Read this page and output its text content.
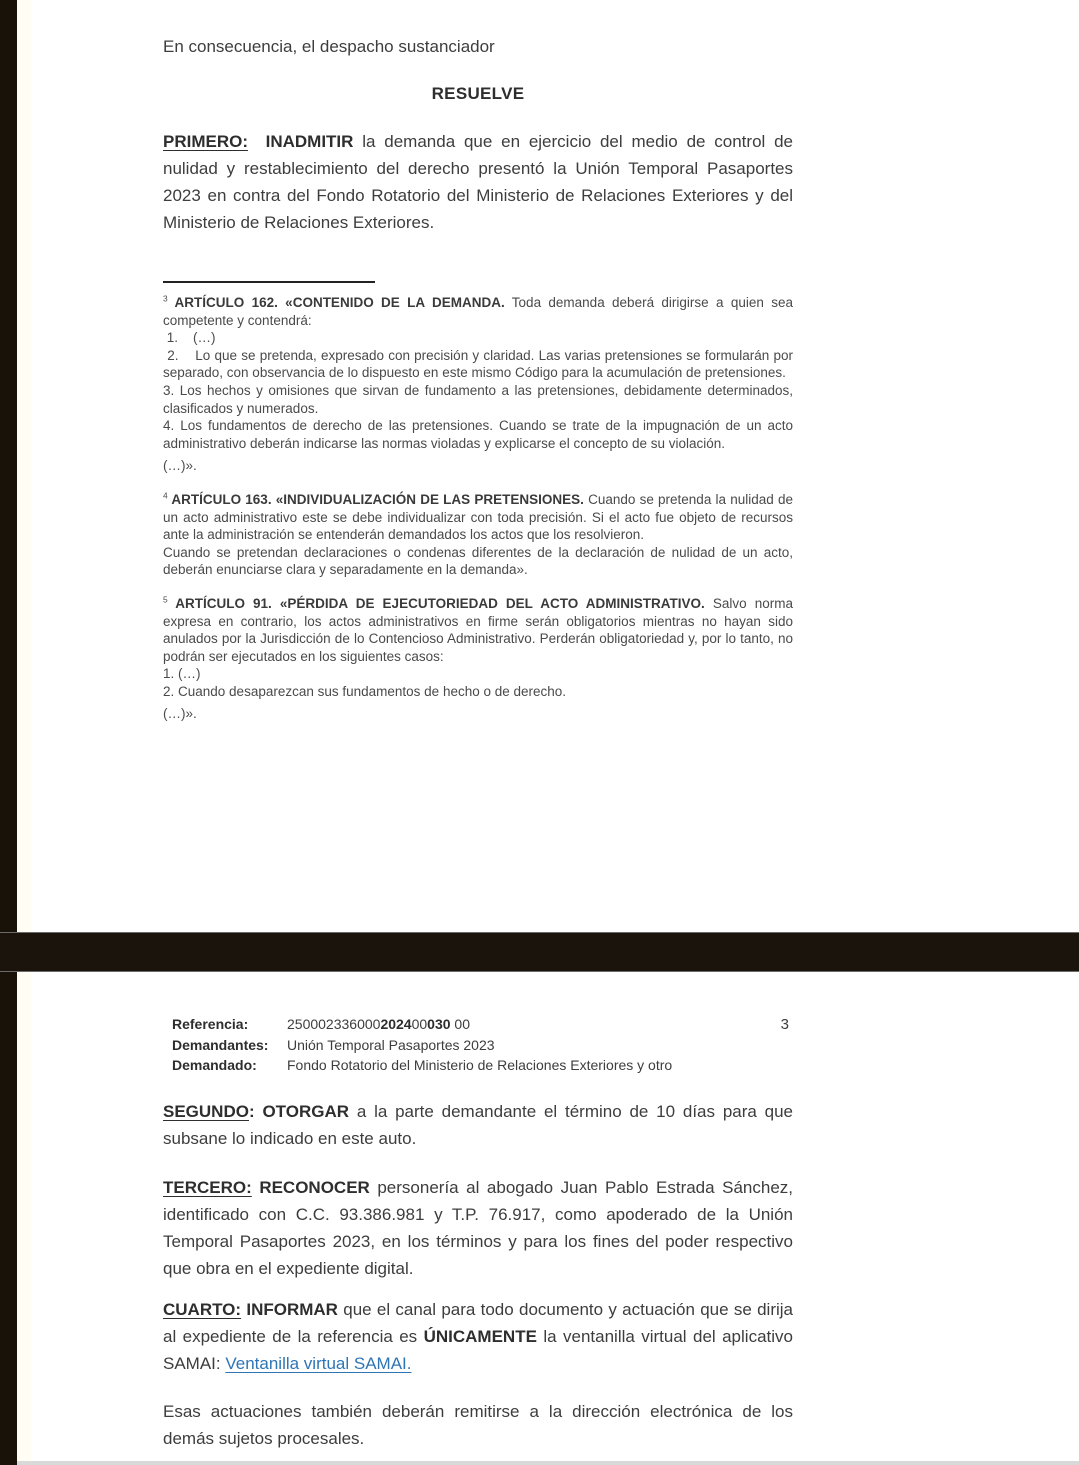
En consecuencia, el despacho sustanciador
RESUELVE

PRIMERO: INADMITIR la demanda que en ejercicio del medio de control de nulidad y restablecimiento del derecho presentó la Unión Temporal Pasaportes 2023 en contra del Fondo Rotatorio del Ministerio de Relaciones Exteriores y del Ministerio de Relaciones Exteriores.

$^3$ ARTÍCULO 162. «CONTENIDO DE LA DEMANDA. Toda demanda deberá dirigirse a quien sea competente y contendrá:
1.    (…)
2.    Lo que se pretenda, expresado con precisión y claridad. Las varias pretensiones se formularán por separado, con observancia de lo dispuesto en este mismo Código para la acumulación de pretensiones.
3. Los hechos y omisiones que sirvan de fundamento a las pretensiones, debidamente determinados, clasificados y numerados.
4. Los fundamentos de derecho de las pretensiones. Cuando se trate de la impugnación de un acto administrativo deberán indicarse las normas violadas y explicarse el concepto de su violación.
(…)».
$^4$ ARTÍCULO 163. «INDIVIDUALIZACIÓN DE LAS PRETENSIONES. Cuando se pretenda la nulidad de un acto administrativo este se debe individualizar con toda precisión. Si el acto fue objeto de recursos ante la administración se entenderán demandados los actos que los resolvieron.
Cuando se pretendan declaraciones o condenas diferentes de la declaración de nulidad de un acto, deberán enunciarse clara y separadamente en la demanda».
$^5$ ARTÍCULO 91. «PÉRDIDA DE EJECUTORIEDAD DEL ACTO ADMINISTRATIVO. Salvo norma expresa en contrario, los actos administrativos en firme serán obligatorios mientras no hayan sido anulados por la Jurisdicción de lo Contencioso Administrativo. Perderán obligatoriedad y, por lo tanto, no podrán ser ejecutados en los siguientes casos:
1. (…)
2. Cuando desaparezcan sus fundamentos de hecho o de derecho.
(…)».
Referencia:	250002336000202400030 00
Demandantes:	Unión Temporal Pasaportes 2023
Demandado:	Fondo Rotatorio del Ministerio de Relaciones Exteriores y otro
3

SEGUNDO: OTORGAR a la parte demandante el término de 10 días para que subsane lo indicado en este auto.

TERCERO: RECONOCER personería al abogado Juan Pablo Estrada Sánchez, identificado con C.C. 93.386.981 y T.P. 76.917, como apoderado de la Unión Temporal Pasaportes 2023, en los términos y para los fines del poder respectivo que obra en el expediente digital.

CUARTO: INFORMAR que el canal para todo documento y actuación que se dirija al expediente de la referencia es ÚNICAMENTE la ventanilla virtual del aplicativo SAMAI: Ventanilla virtual SAMAI.

Esas actuaciones también deberán remitirse a la dirección electrónica de los demás sujetos procesales.
